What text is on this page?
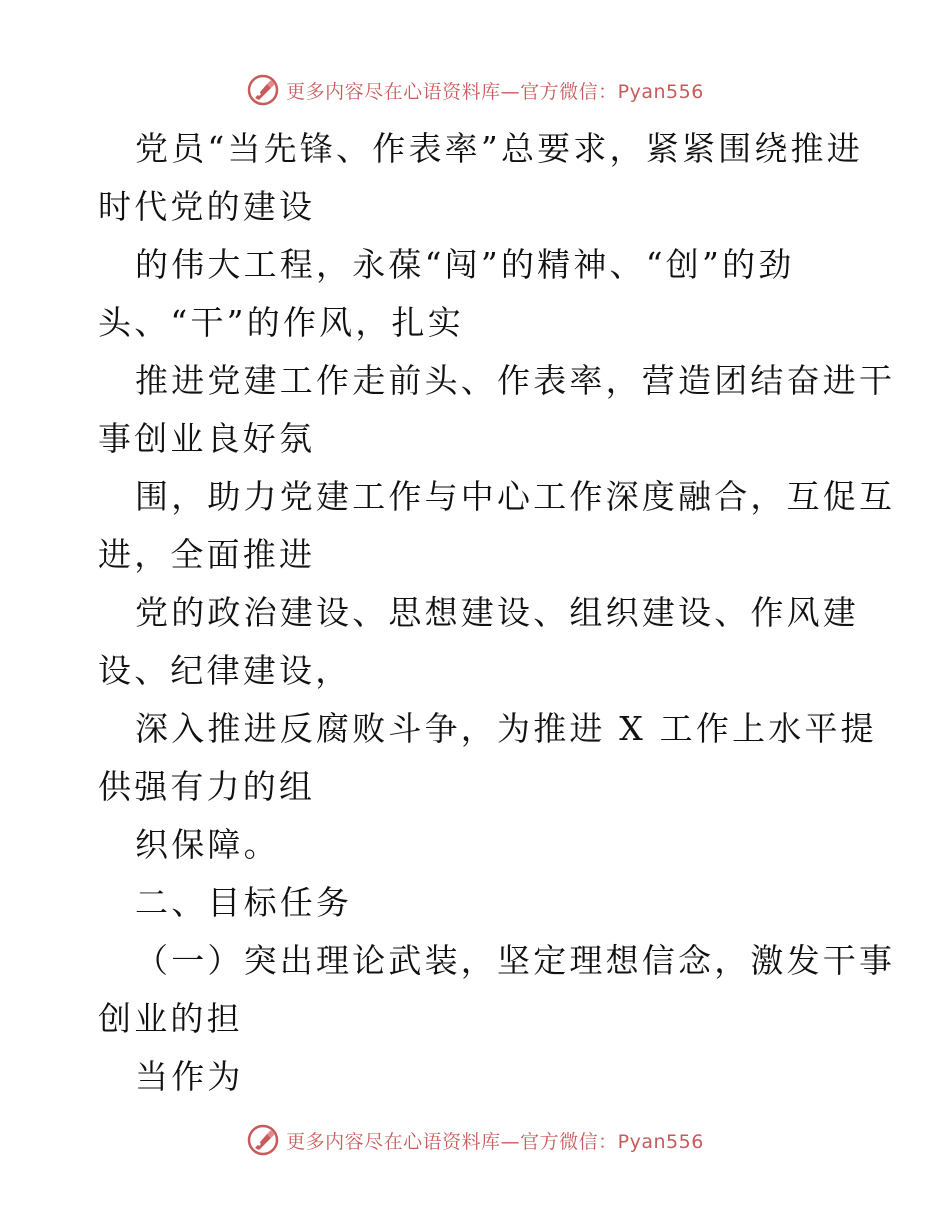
更多内容尽在心语资料库—官方微信：Pyan556
党员“当先锋、作表率”总要求，紧紧围绕推进
时代党的建设
的伟大工程，永葆“闯”的精神、“创”的劲
头、“干”的作风，扎实
推进党建工作走前头、作表率，营造团结奋进干
事创业良好氛
围，助力党建工作与中心工作深度融合，互促互
进，全面推进
党的政治建设、思想建设、组织建设、作风建
设、纪律建设，
深入推进反腐败斗争，为推进 X 工作上水平提
供强有力的组
织保障。
二、目标任务
（一）突出理论武装，坚定理想信念，激发干事
创业的担
当作为
更多内容尽在心语资料库—官方微信：Pyan556
